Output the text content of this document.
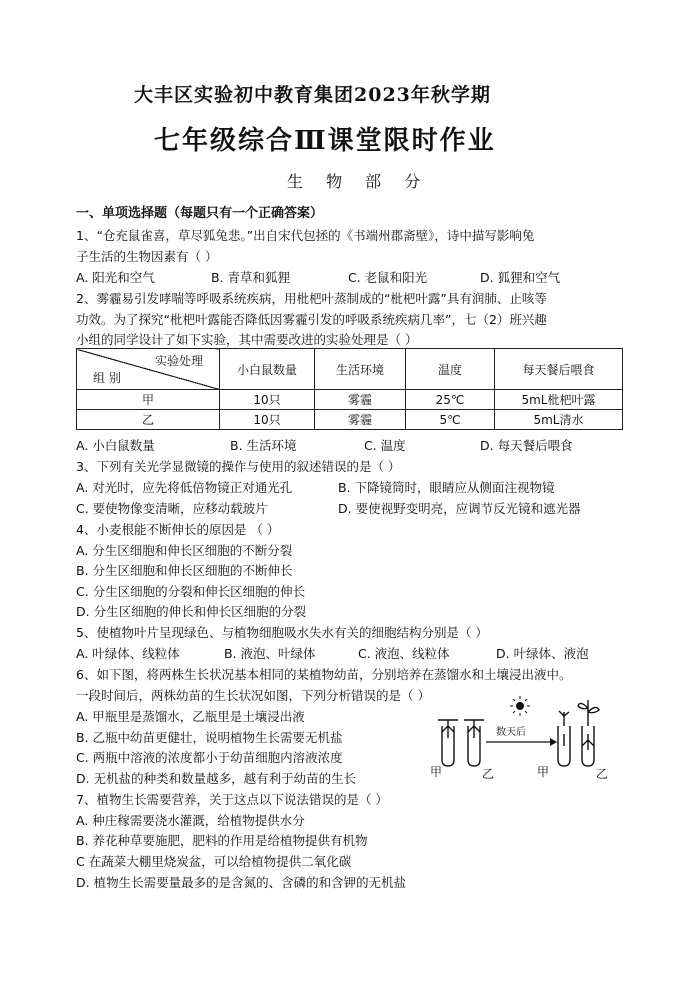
大丰区实验初中教育集团2023年秋学期
七年级综合Ⅲ课堂限时作业
生 物 部 分
一、单项选择题（每题只有一个正确答案）
1、“仓充鼠雀喜，草尽狐兔悲。”出自宋代包拯的《书端州郡斋壁》，诗中描写影响兔
子生活的生物因素有（ ）
A. 阳光和空气	B. 青草和狐狸	C. 老鼠和阳光	D. 狐狸和空气
2、雾霾易引发哮喘等呼吸系统疾病，用枇杷叶蒸制成的“枇杷叶露”具有润肺、止咳等
功效。为了探究“枇杷叶露能否降低因雾霾引发的呼吸系统疾病几率”，七（2）班兴趣
小组的同学设计了如下实验，其中需要改进的实验处理是（ ）
实验处理
组 别	小白鼠数量	生活环境	温度	每天餐后喂食
甲	10只	雾霾	25℃	5mL枇杷叶露
乙	10只	雾霾	5℃	5mL清水
A. 小白鼠数量	B. 生活环境	C. 温度	D. 每天餐后喂食
3、下列有关光学显微镜的操作与使用的叙述错误的是（ ）
A. 对光时，应先将低倍物镜正对通光孔	B. 下降镜筒时，眼睛应从侧面注视物镜
C. 要使物像变清晰，应移动载玻片	D. 要使视野变明亮，应调节反光镜和遮光器
4、小麦根能不断伸长的原因是 （ ）
A. 分生区细胞和伸长区细胞的不断分裂
B. 分生区细胞和伸长区细胞的不断伸长
C. 分生区细胞的分裂和伸长区细胞的伸长
D. 分生区细胞的伸长和伸长区细胞的分裂
5、使植物叶片呈现绿色、与植物细胞吸水失水有关的细胞结构分别是（ ）
A. 叶绿体、线粒体	B. 液泡、叶绿体	C. 液泡、线粒体	D. 叶绿体、液泡
6、如下图，将两株生长状况基本相同的某植物幼苗，分别培养在蒸馏水和土壤浸出液中。
一段时间后，两株幼苗的生长状况如图，下列分析错误的是（ ）
A. 甲瓶里是蒸馏水，乙瓶里是土壤浸出液
B. 乙瓶中幼苗更健壮，说明植物生长需要无机盐
C. 两瓶中溶液的浓度都小于幼苗细胞内溶液浓度
D. 无机盐的种类和数量越多，越有利于幼苗的生长
数天后
甲	乙	甲	乙
7、植物生长需要营养，关于这点以下说法错误的是（ ）
A. 种庄稼需要浇水灌溉，给植物提供水分
B. 养花种草要施肥，肥料的作用是给植物提供有机物
C 在蔬菜大棚里烧炭盆，可以给植物提供二氧化碳
D. 植物生长需要量最多的是含氮的、含磷的和含钾的无机盐
